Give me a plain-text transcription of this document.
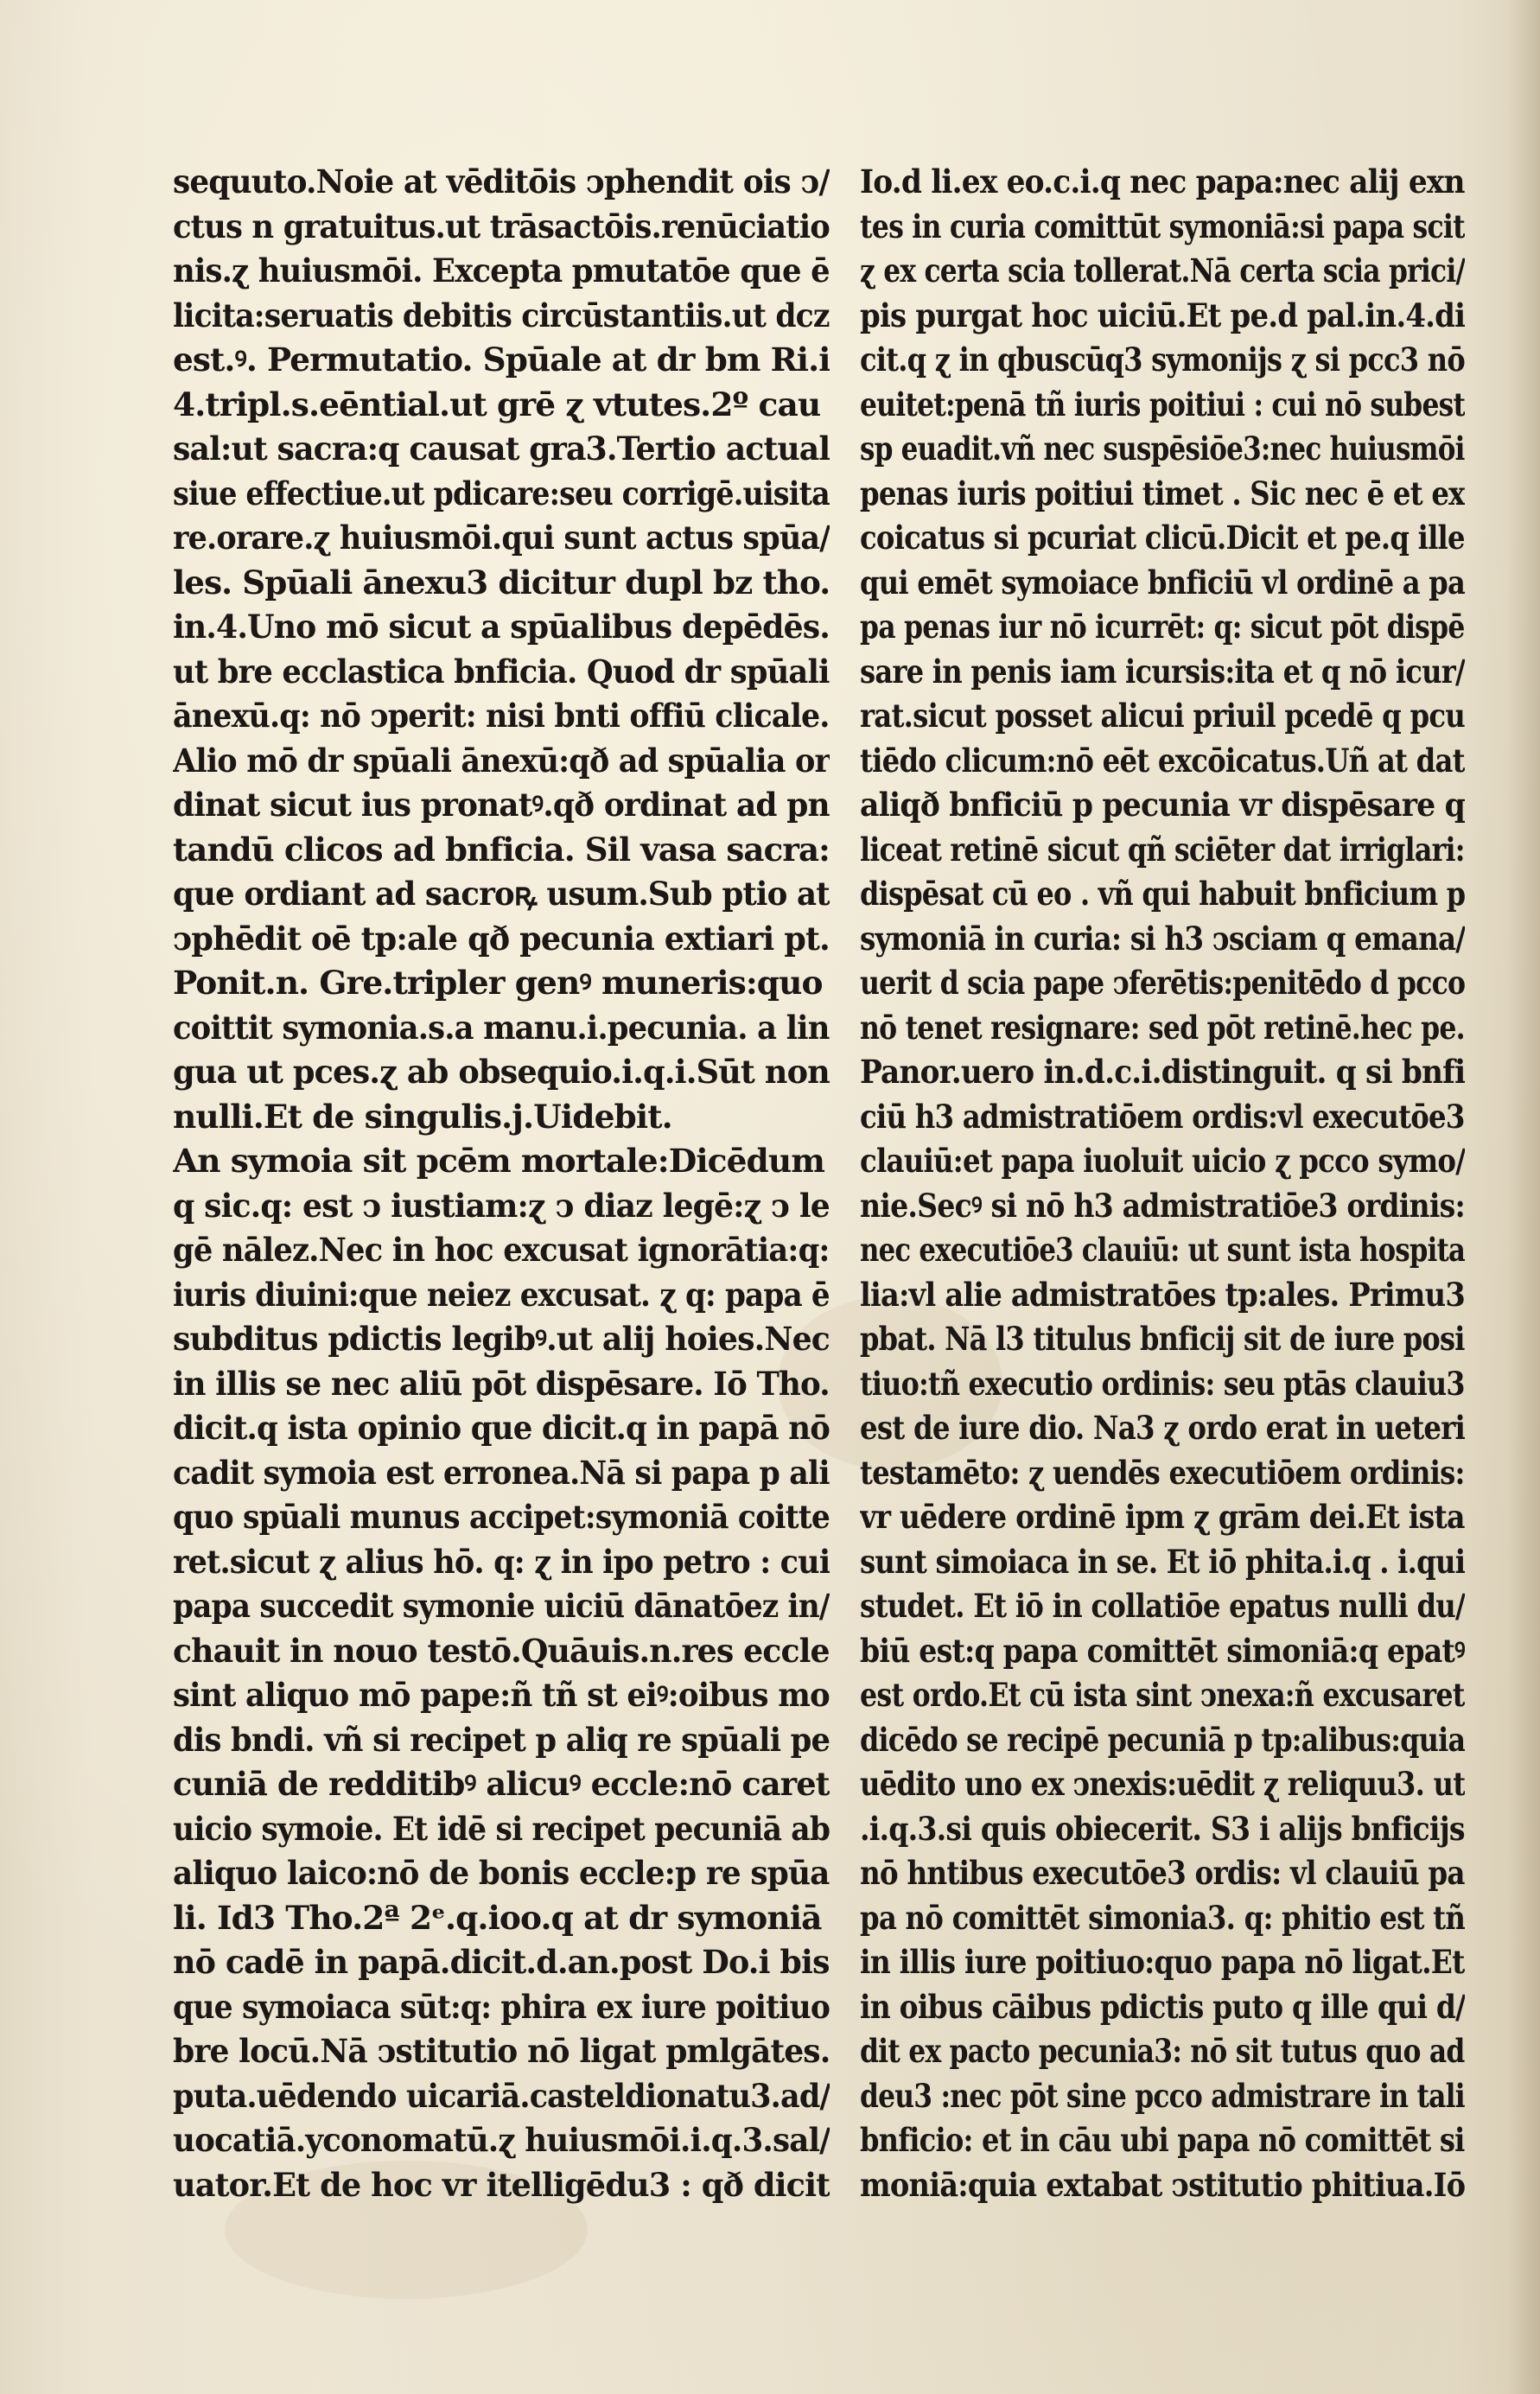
sequuto.Noie at vēditōis ↄphendit ois ↄ/
ctus n gratuitus.ut trāsactōis.renūciatio
nis.ɀ huiusmōi. Excepta pmutatōe que ē
licita:seruatis debitis circūstantiis.ut dcz
est.ꝰ. Permutatio. Spūale at dr bm Ri.i
4.tripl.s.eēntial.ut grē ɀ vtutes.2º cau
sal:ut sacra:q causat gra3.Tertio actual
siue effectiue.ut pdicare:seu corrigē.uisita
re.orare.ɀ huiusmōi.qui sunt actus spūa/
les. Spūali ānexu3 dicitur dupl bz tho.
in.4.Uno mō sicut a spūalibus depēdēs.
ut bre ecclastica bnficia. Quod dr spūali
ānexū.q: nō ↄperit: nisi bnti offiū clicale.
Alio mō dr spūali ānexū:qð ad spūalia or
dinat sicut ius pronatꝰ.qð ordinat ad pn
tandū clicos ad bnficia. Sil vasa sacra:
que ordiant ad sacroꝶ usum.Sub ptio at
ↄphēdit oē tp:ale qð pecunia extiari pt.
Ponit.n. Gre.tripler genꝰ muneris:quo
coittit symonia.s.a manu.i.pecunia. a lin
gua ut pces.ɀ ab obsequio.i.q.i.Sūt non
nulli.Et de singulis.j.Uidebit.
An symoia sit pcēm mortale:Dicēdum
q sic.q: est ↄ iustiam:ɀ ↄ diaz legē:ɀ ↄ le
gē nālez.Nec in hoc excusat ignorātia:q:
iuris diuini:que neiez excusat. ɀ q: papa ē
subditus pdictis legibꝰ.ut alij hoies.Nec
in illis se nec aliū pōt dispēsare. Iō Tho.
dicit.q ista opinio que dicit.q in papā nō
cadit symoia est erronea.Nā si papa p ali
quo spūali munus accipet:symoniā coitte
ret.sicut ɀ alius hō. q: ɀ in ipo petro : cui
papa succedit symonie uiciū dānatōez in/
chauit in nouo testō.Quāuis.n.res eccle
sint aliquo mō pape:ñ tñ st eiꝰ:oibus mo
dis bndi. vñ si recipet p aliq re spūali pe
cuniā de redditibꝰ alicuꝰ eccle:nō caret
uicio symoie. Et idē si recipet pecuniā ab
aliquo laico:nō de bonis eccle:p re spūa
li. Id3 Tho.2ª 2ᵉ.q.ioo.q at dr symoniā
nō cadē in papā.dicit.d.an.post Do.i bis
que symoiaca sūt:q: phira ex iure poitiuo
bre locū.Nā ↄstitutio nō ligat pmlgātes.
puta.uēdendo uicariā.casteldionatu3.ad/
uocatiā.yconomatū.ɀ huiusmōi.i.q.3.sal/
uator.Et de hoc vr itelligēdu3 : qð dicit
Io.d li.ex eo.c.i.q nec papa:nec alij exn
tes in curia comittūt symoniā:si papa scit
ɀ ex certa scia tollerat.Nā certa scia prici/
pis purgat hoc uiciū.Et pe.d pal.in.4.di
cit.q ɀ in qbuscūq3 symonijs ɀ si pcc3 nō
euitet:penā tñ iuris poitiui : cui nō subest
sp euadit.vñ nec suspēsiōe3:nec huiusmōi
penas iuris poitiui timet . Sic nec ē et ex
coicatus si pcuriat clicū.Dicit et pe.q ille
qui emēt symoiace bnficiū vl ordinē a pa
pa penas iur nō icurrēt: q: sicut pōt dispē
sare in penis iam icursis:ita et q nō icur/
rat.sicut posset alicui priuil pcedē q pcu
tiēdo clicum:nō eēt excōicatus.Uñ at dat
aliqð bnficiū p pecunia vr dispēsare q
liceat retinē sicut qñ sciēter dat irriglari:
dispēsat cū eo . vñ qui habuit bnficium p
symoniā in curia: si h3 ↄsciam q emana/
uerit d scia pape ↄferētis:penitēdo d pcco
nō tenet resignare: sed pōt retinē.hec pe.
Panor.uero in.d.c.i.distinguit. q si bnfi
ciū h3 admistratiōem ordis:vl executōe3
clauiū:et papa iuoluit uicio ɀ pcco symo/
nie.Secꝰ si nō h3 admistratiōe3 ordinis:
nec executiōe3 clauiū: ut sunt ista hospita
lia:vl alie admistratōes tp:ales. Primu3
pbat. Nā l3 titulus bnficij sit de iure posi
tiuo:tñ executio ordinis: seu ptās clauiu3
est de iure dio. Na3 ɀ ordo erat in ueteri
testamēto: ɀ uendēs executiōem ordinis:
vr uēdere ordinē ipm ɀ grām dei.Et ista
sunt simoiaca in se. Et iō phita.i.q . i.qui
studet. Et iō in collatiōe epatus nulli du/
biū est:q papa comittēt simoniā:q epatꝰ
est ordo.Et cū ista sint ↄnexa:ñ excusaret
dicēdo se recipē pecuniā p tp:alibus:quia
uēdito uno ex ↄnexis:uēdit ɀ reliquu3. ut
.i.q.3.si quis obiecerit. S3 i alijs bnficijs
nō hntibus executōe3 ordis: vl clauiū pa
pa nō comittēt simonia3. q: phitio est tñ
in illis iure poitiuo:quo papa nō ligat.Et
in oibus cāibus pdictis puto q ille qui d/
dit ex pacto pecunia3: nō sit tutus quo ad
deu3 :nec pōt sine pcco admistrare in tali
bnficio: et in cāu ubi papa nō comittēt si
moniā:quia extabat ↄstitutio phitiua.Iō
